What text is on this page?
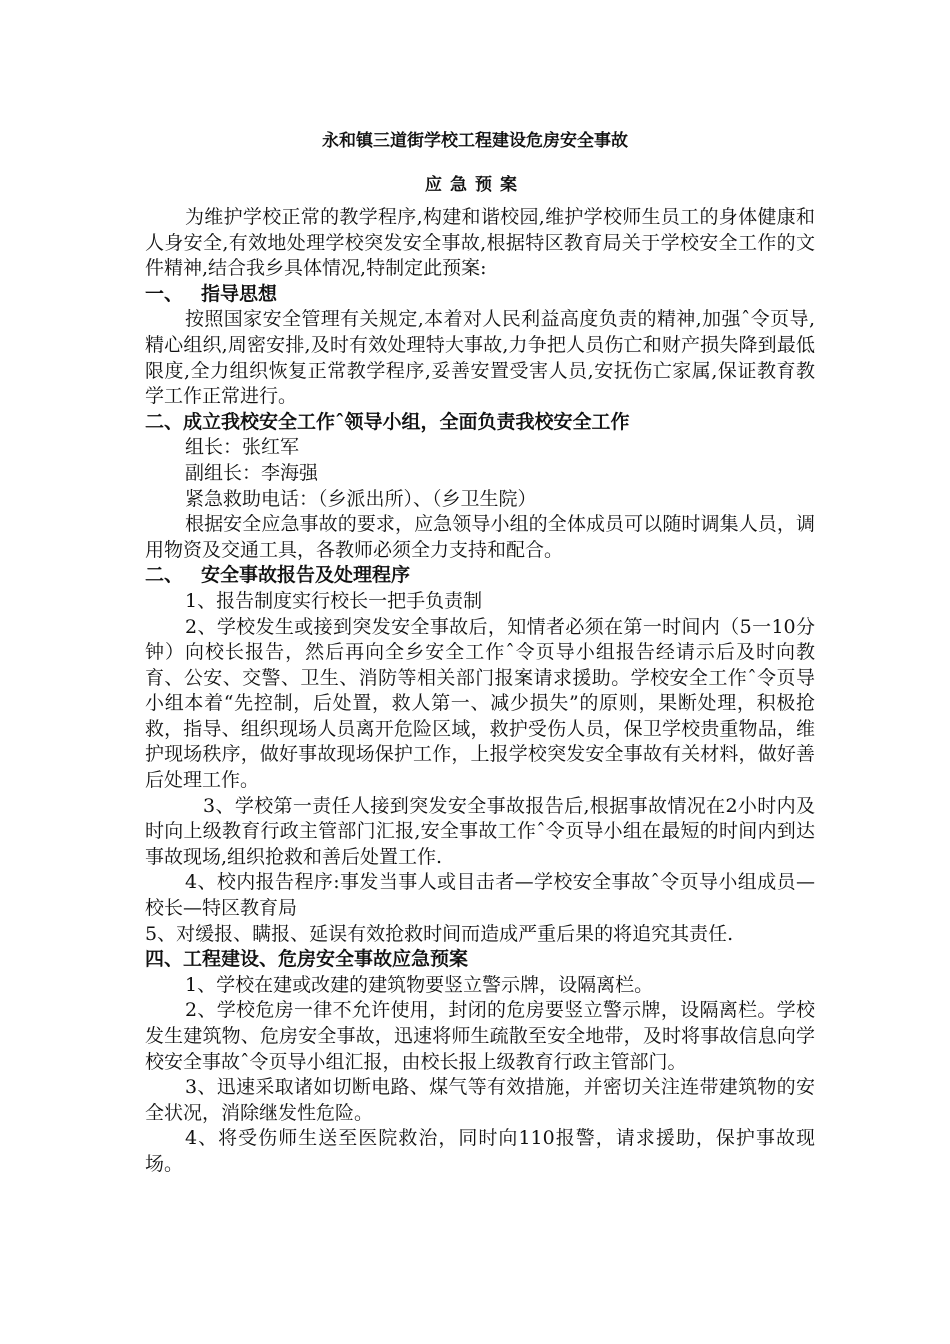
永和镇三道街学校工程建设危房安全事故
应急预案

为维护学校正常的教学程序,构建和谐校园,维护学校师生员工的身体健康和人身安全,有效地处理学校突发安全事故,根据特区教育局关于学校安全工作的文件精神,结合我乡具体情况,特制定此预案:

一、 指导思想

按照国家安全管理有关规定,本着对人民利益高度负责的精神,加强ˆ令页导,精心组织,周密安排,及时有效处理特大事故,力争把人员伤亡和财产损失降到最低限度,全力组织恢复正常教学程序,妥善安置受害人员,安抚伤亡家属,保证教育教学工作正常进行。

二、成立我校安全工作ˆ领导小组，全面负责我校安全工作

组长：张红军

副组长：李海强

紧急救助电话：（乡派出所）、（乡卫生院）

根据安全应急事故的要求，应急领导小组的全体成员可以随时调集人员，调用物资及交通工具，各教师必须全力支持和配合。

二、 安全事故报告及处理程序

1、报告制度实行校长一把手负责制

2、学校发生或接到突发安全事故后，知情者必须在第一时间内（5一10分钟）向校长报告，然后再向全乡安全工作ˆ令页导小组报告经请示后及时向教育、公安、交警、卫生、消防等相关部门报案请求援助。学校安全工作ˆ令页导小组本着“先控制，后处置，救人第一、减少损失”的原则，果断处理，积极抢救，指导、组织现场人员离开危险区域，救护受伤人员，保卫学校贵重物品，维护现场秩序，做好事故现场保护工作，上报学校突发安全事故有关材料，做好善后处理工作。

3、学校第一责任人接到突发安全事故报告后,根据事故情况在2小时内及时向上级教育行政主管部门汇报,安全事故工作ˆ令页导小组在最短的时间内到达事故现场,组织抢救和善后处置工作.

4、校内报告程序:事发当事人或目击者—学校安全事故ˆ令页导小组成员—校长—特区教育局

5、对缓报、瞒报、延误有效抢救时间而造成严重后果的将追究其责任.

四、工程建设、危房安全事故应急预案

1、学校在建或改建的建筑物要竖立警示牌，设隔离栏。

2、学校危房一律不允许使用，封闭的危房要竖立警示牌，设隔离栏。学校发生建筑物、危房安全事故，迅速将师生疏散至安全地带，及时将事故信息向学校安全事故ˆ令页导小组汇报，由校长报上级教育行政主管部门。

3、迅速采取诸如切断电路、煤气等有效措施，并密切关注连带建筑物的安全状况，消除继发性危险。

4、将受伤师生送至医院救治，同时向110报警，请求援助，保护事故现场。
